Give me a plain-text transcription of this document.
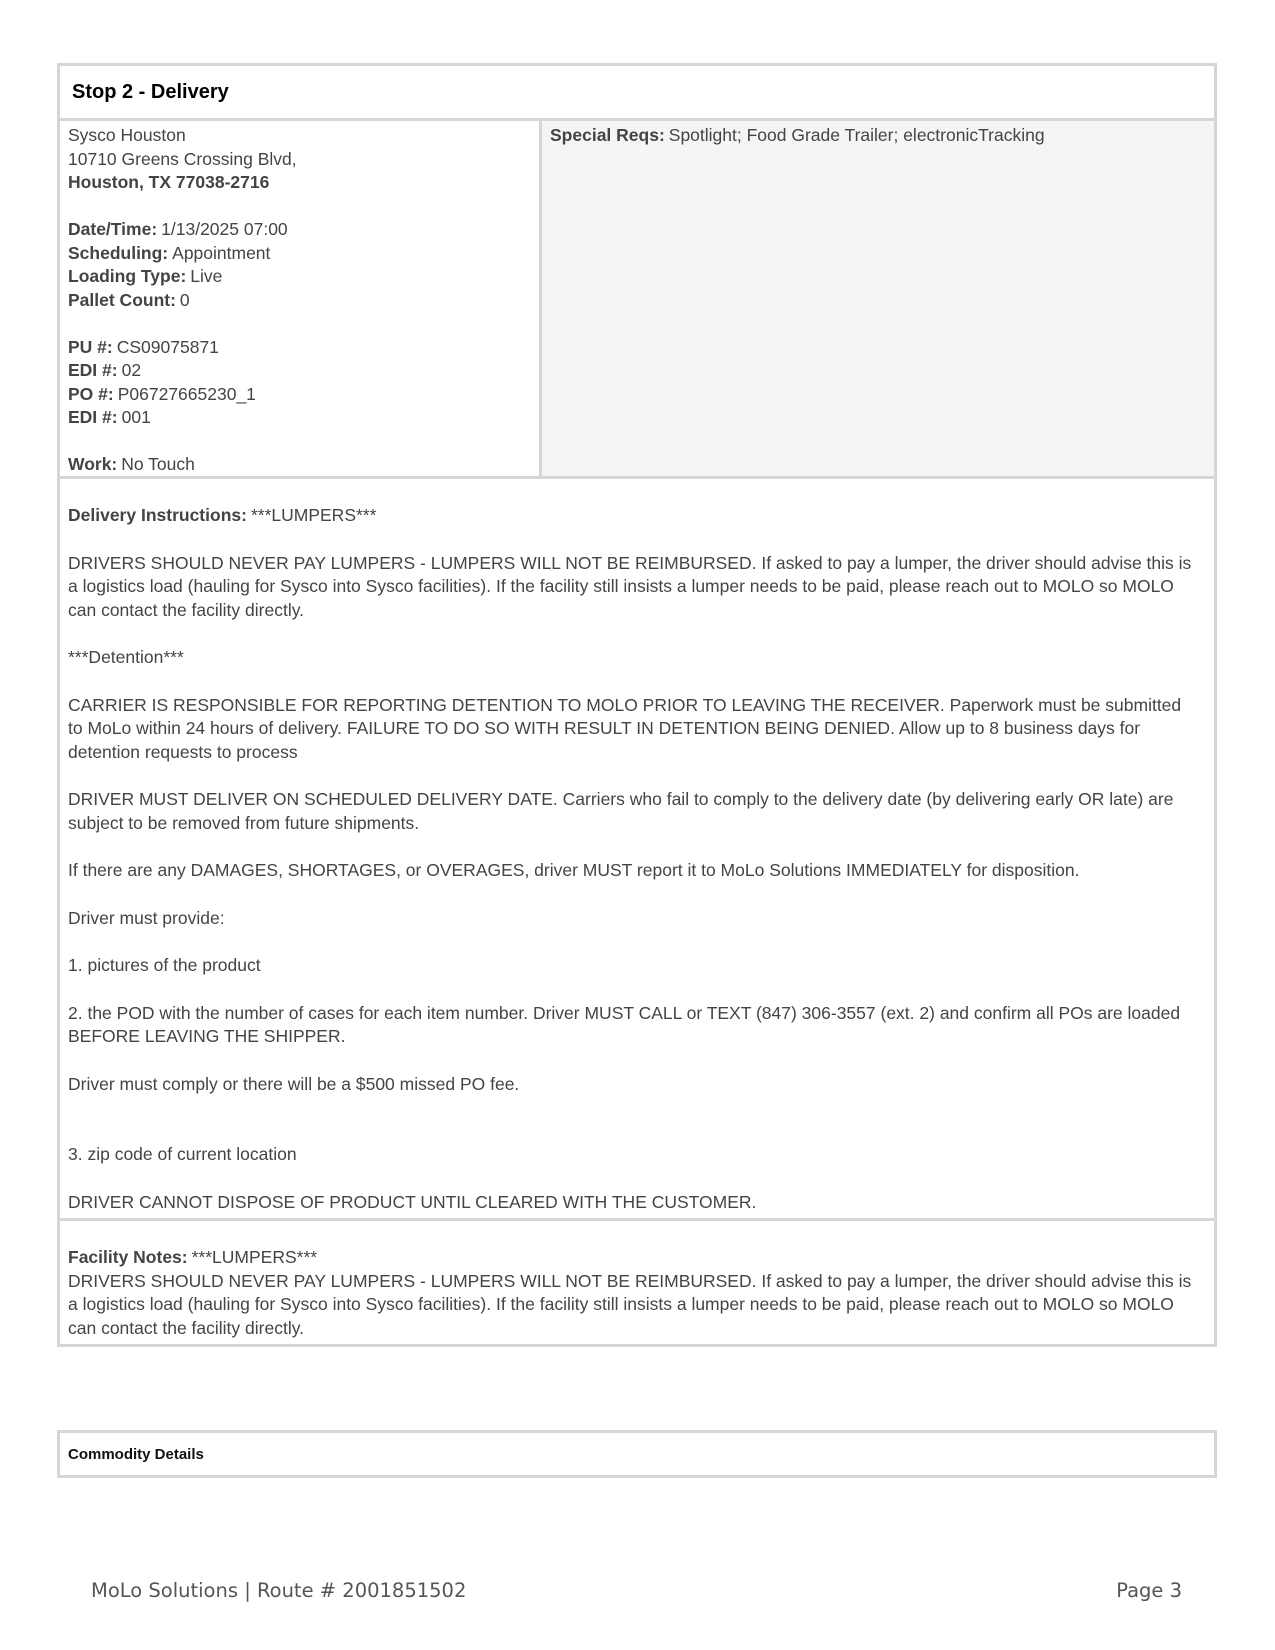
Stop 2 - Delivery
Sysco Houston
10710 Greens Crossing Blvd,
Houston, TX 77038-2716
Date/Time: 1/13/2025 07:00
Scheduling: Appointment
Loading Type: Live
Pallet Count: 0
PU #: CS09075871
EDI #: 02
PO #: P06727665230_1
EDI #: 001
Work: No Touch
Special Reqs: Spotlight; Food Grade Trailer; electronicTracking

Delivery Instructions: ***LUMPERS***

DRIVERS SHOULD NEVER PAY LUMPERS - LUMPERS WILL NOT BE REIMBURSED. If asked to pay a lumper, the driver should advise this is a logistics load (hauling for Sysco into Sysco facilities). If the facility still insists a lumper needs to be paid, please reach out to MOLO so MOLO can contact the facility directly.

***Detention***

CARRIER IS RESPONSIBLE FOR REPORTING DETENTION TO MOLO PRIOR TO LEAVING THE RECEIVER. Paperwork must be submitted to MoLo within 24 hours of delivery. FAILURE TO DO SO WITH RESULT IN DETENTION BEING DENIED. Allow up to 8 business days for detention requests to process

DRIVER MUST DELIVER ON SCHEDULED DELIVERY DATE. Carriers who fail to comply to the delivery date (by delivering early OR late) are subject to be removed from future shipments.

If there are any DAMAGES, SHORTAGES, or OVERAGES, driver MUST report it to MoLo Solutions IMMEDIATELY for disposition.

Driver must provide:

1. pictures of the product

2. the POD with the number of cases for each item number. Driver MUST CALL or TEXT (847) 306-3557 (ext. 2) and confirm all POs are loaded BEFORE LEAVING THE SHIPPER.

Driver must comply or there will be a $500 missed PO fee.

3. zip code of current location

DRIVER CANNOT DISPOSE OF PRODUCT UNTIL CLEARED WITH THE CUSTOMER.

Facility Notes: ***LUMPERS***

DRIVERS SHOULD NEVER PAY LUMPERS - LUMPERS WILL NOT BE REIMBURSED. If asked to pay a lumper, the driver should advise this is a logistics load (hauling for Sysco into Sysco facilities). If the facility still insists a lumper needs to be paid, please reach out to MOLO so MOLO can contact the facility directly.

Commodity Details
MoLo Solutions | Route # 2001851502	Page 3
